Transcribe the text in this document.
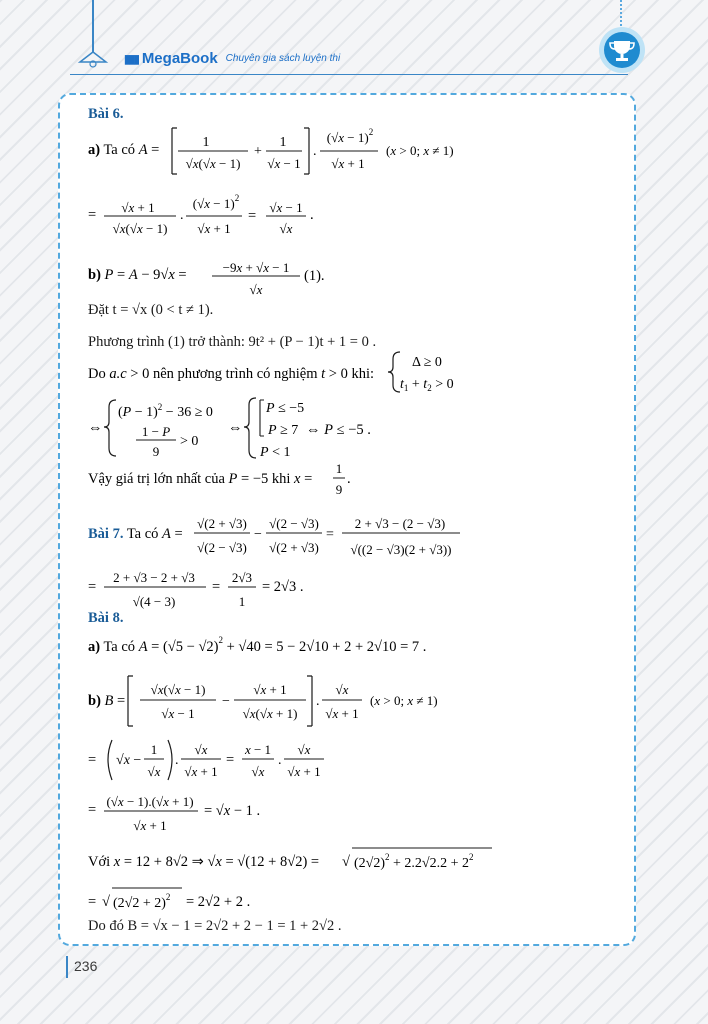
▮▮▮ MegaBook Chuyên gia sách luyện thi
Bài 6.
a) Ta có A =	1
√x(√x − 1)
+
1
√x − 1
.
$(√x - 1)^2$
√x + 1
(x > 0; x ≠ 1)
= √x + 1
√x(√x − 1)
.
$(√x - 1)^2$
√x + 1
=
√x − 1
√x
.
b) P = A − 9√x =	−9x + √x − 1
√x
(1).
Đặt t = √x (0 < t ≠ 1).
Phương trình (1) trở thành: 9t² + (P − 1)t + 1 = 0 .
Do a.c > 0 nên phương trình có nghiệm t > 0 khi:
Δ ≥ 0
$t_1 + t_2 > 0$
⇔
$(P - 1)^2 - 36 \ge 0$
1 − P
9
> 0
⇔
P ≤ −5
P ≥ 7
P < 1
⇔ P ≤ −5 .
Vậy giá trị lớn nhất của P = −5 khi x =
1
9
.
Bài 7. Ta có A =
√(2 + √3)
√(2 − √3)
−
√(2 − √3)
√(2 + √3)
=
2 + √3 − (2 − √3)
√((2 − √3)(2 + √3))
=
2 + √3 − 2 + √3
√(4 − 3)
=
2√3
1
= 2√3 .
Bài 8.
a) Ta có $A = (√5 - √2)^2 + √40 = 5 - 2√10 + 2 + 2√10 = 7$ .
b) B =
√x(√x − 1)
√x − 1
−
√x + 1
√x(√x + 1)
.
√x
√x + 1
(x > 0; x ≠ 1)
= √x −
1
√x
.
√x
√x + 1
=
x − 1
√x
.
√x
√x + 1
=
(√x − 1).(√x + 1)
√x + 1
= √x − 1 .
Với x = 12 + 8√2 ⇒ √x = √(12 + 8√2) = √ $(2√2)^2 + 2.2√2.2 + 2^2$
= √ $(2√2 + 2)^2 = 2√2 + 2$ .
Do đó B = √x − 1 = 2√2 + 2 − 1 = 1 + 2√2 .
236
